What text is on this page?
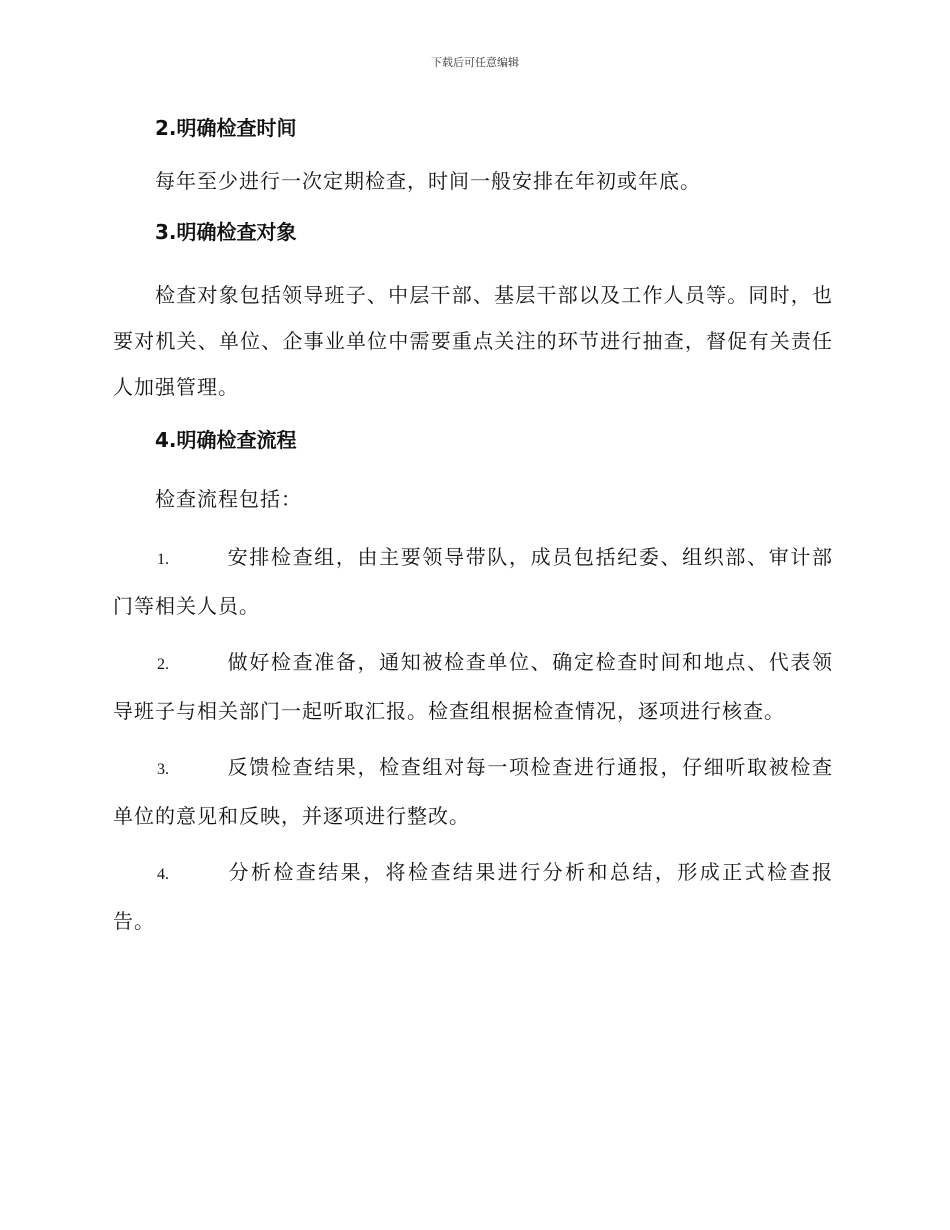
下载后可任意编辑
2.明确检查时间

每年至少进行一次定期检查，时间一般安排在年初或年底。

3.明确检查对象

检查对象包括领导班子、中层干部、基层干部以及工作人员等。同时，也要对机关、单位、企事业单位中需要重点关注的环节进行抽查，督促有关责任人加强管理。

4.明确检查流程

检查流程包括：

1.	安排检查组，由主要领导带队，成员包括纪委、组织部、审计部门等相关人员。

2.	做好检查准备，通知被检查单位、确定检查时间和地点、代表领导班子与相关部门一起听取汇报。检查组根据检查情况，逐项进行核查。

3.	反馈检查结果，检查组对每一项检查进行通报，仔细听取被检查单位的意见和反映，并逐项进行整改。

4.	分析检查结果，将检查结果进行分析和总结，形成正式检查报告。
